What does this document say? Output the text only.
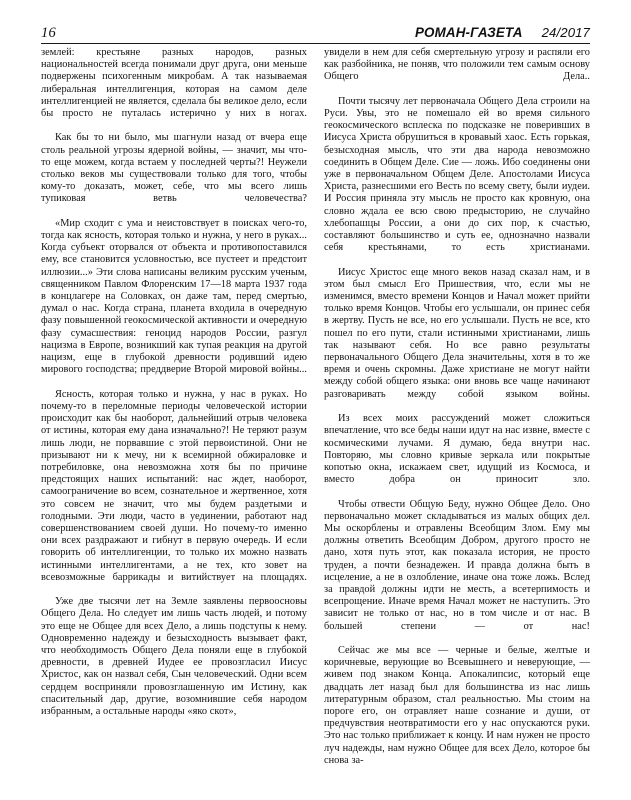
16	РОМАН-ГАЗЕТА 24/2017

землей: крестьяне разных народов, разных национальностей всегда понимали друг друга, они меньше подвержены психогенным микробам. А так называемая либеральная интеллигенция, которая на самом деле интеллигенцией не является, сделала бы великое дело, если бы просто не путалась истерично у них в ногах.

Как бы то ни было, мы шагнули назад от вчера еще столь реальной угрозы ядерной войны, — значит, мы что-то еще можем, когда встаем у последней черты?! Неужели столько веков мы существовали только для того, чтобы кому-то доказать, может, себе, что мы всего лишь тупиковая ветвь человечества?

«Мир сходит с ума и неистовствует в поисках чего-то, тогда как ясность, которая только и нужна, у него в руках... Когда субъект оторвался от объекта и противопоставился ему, все становится условностью, все пустеет и предстоит иллюзии...» Эти слова написаны великим русским ученым, священником Павлом Флоренским 17—18 марта 1937 года в концлагере на Соловках, он даже там, перед смертью, думал о нас. Когда страна, планета входила в очередную фазу повышенной геокосмической активности и очередную фазу сумасшествия: геноцид народов России, разгул нацизма в Европе, возникший как тупая реакция на другой нацизм, еще в глубокой древности родивший идею мирового господства; преддверие Второй мировой войны...

Ясность, которая только и нужна, у нас в руках. Но почему-то в переломные периоды человеческой истории происходит как бы наоборот, дальнейший отрыв человека от истины, которая ему дана изначально?! Не теряют разум лишь люди, не порвавшие с этой первоистиной. Они не призывают ни к мечу, ни к всемирной обжираловке и потребиловке, она невозможна хотя бы по причине предстоящих наших испытаний: нас ждет, наоборот, самоограничение во всем, сознательное и жертвенное, хотя это совсем не значит, что мы будем раздетыми и голодными. Эти люди, часто в уединении, работают над совершенствованием своей души. Но почему-то именно они всех раздражают и гибнут в первую очередь. И если говорить об интеллигенции, то только их можно назвать истинными интеллигентами, а не тех, кто зовет на всевозможные баррикады и витийствует на площадях.

Уже две тысячи лет на Земле заявлены первоосновы Общего Дела. Но следует им лишь часть людей, и потому это еще не Общее для всех Дело, а лишь подступы к нему. Одновременно надежду и безысходность вызывает факт, что необходимость Общего Дела поняли еще в глубокой древности, в древней Иудее ее провозгласил Иисус Христос, как он назвал себя, Сын человеческий. Одни всем сердцем восприняли провозглашенную им Истину, как спасительный дар, другие, возомнившие себя народом избранным, а остальные народы «яко скот»,

увидели в нем для себя смертельную угрозу и распяли его как разбойника, не поняв, что положили тем самым основу Общего Дела..

Почти тысячу лет первоначала Общего Дела строили на Руси. Увы, это не помешало ей во время сильного геокосмического всплеска по подсказке не поверивших в Иисуса Христа обрушиться в кровавый хаос. Есть горькая, безысходная мысль, что эти два народа невозможно соединить в Общем Деле. Сие — ложь. Ибо соединены они уже в первоначальном Общем Деле. Апостолами Иисуса Христа, разнесшими его Весть по всему свету, были иудеи. И Россия приняла эту мысль не просто как кровную, она словно ждала ее всю свою предысторию, не случайно хлебопашцы России, а они до сих пор, к счастью, составляют большинство и суть ее, однозначно назвали себя крестьянами, то есть христианами.

Иисус Христос еще много веков назад сказал нам, и в этом был смысл Его Пришествия, что, если мы не изменимся, вместо времени Концов и Начал может прийти только время Концов. Чтобы его услышали, он принес себя в жертву. Пусть не все, но его услышали. Пусть не все, кто пошел по его пути, стали истинными христианами, лишь так называют себя. Но все равно результаты первоначального Общего Дела значительны, хотя в то же время и очень скромны. Даже христиане не могут найти между собой общего языка: они вновь все чаще начинают разговаривать между собой языком войны.

Из всех моих рассуждений может сложиться впечатление, что все беды наши идут на нас извне, вместе с космическими лучами. Я думаю, беда внутри нас. Повторяю, мы словно кривые зеркала или покрытые копотью окна, искажаем свет, идущий из Космоса, и вместо добра он приносит зло.

Чтобы отвести Общую Беду, нужно Общее Дело. Оно первоначально может складываться из малых общих дел. Мы оскорблены и отравлены Всеобщим Злом. Ему мы должны ответить Всеобщим Добром, другого просто не дано, хотя путь этот, как показала история, не просто труден, а почти безнадежен. И правда должна быть в исцеление, а не в озлобление, иначе она тоже ложь. Вслед за правдой должны идти не месть, а всетерпимость и всепрощение. Иначе время Начал может не наступить. Это зависит не только от нас, но в том числе и от нас. В большей степени — от нас!

Сейчас же мы все — черные и белые, желтые и коричневые, верующие во Всевышнего и неверующие, — живем под знаком Конца. Апокалипсис, который еще двадцать лет назад был для большинства из нас лишь литературным образом, стал реальностью. Мы стоим на пороге его, он отравляет наше сознание и души, от предчувствия неотвратимости его у нас опускаются руки. Это нас только приближает к концу. И нам нужен не просто луч надежды, нам нужно Общее для всех Дело, которое бы снова за-
